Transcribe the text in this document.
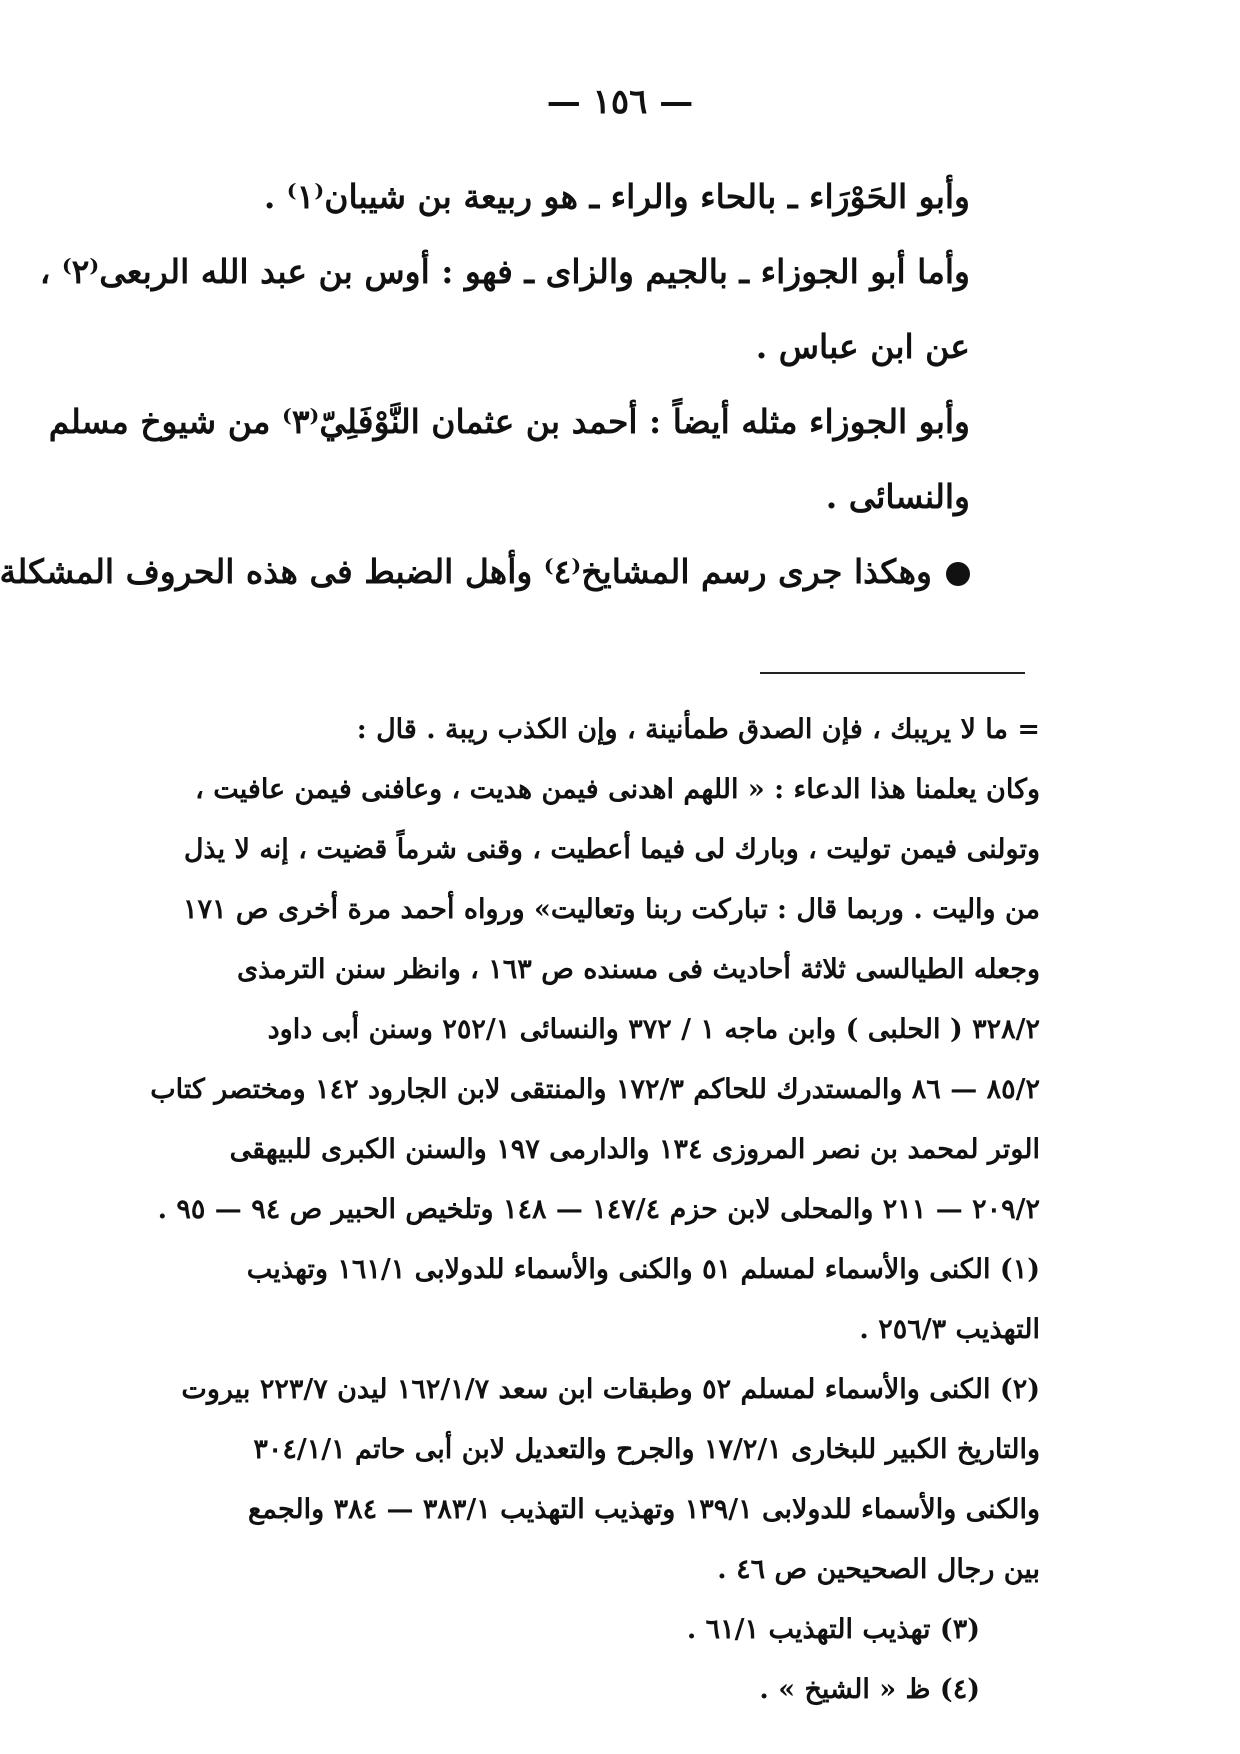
— ١٥٦ —
وأبو الحَوْرَاء ـ بالحاء والراء ـ هو ربيعة بن شيبان⁽١⁾ .
وأما أبو الجوزاء ـ بالجيم والزاى ـ فهو : أوس بن عبد الله الربعى⁽٢⁾ ،
عن ابن عباس .
وأبو الجوزاء مثله أيضاً : أحمد بن عثمان النَّوْفَلِيّ⁽٣⁾ من شيوخ مسلم
والنسائى .
وهكذا جرى رسم المشايخ⁽٤⁾ وأهل الضبط فى هذه الحروف المشكلة
= ما لا يريبك ، فإن الصدق طمأنينة ، وإن الكذب ريبة . قال :
وكان يعلمنا هذا الدعاء : « اللهم اهدنى فيمن هديت ، وعافنى فيمن عافيت ،
وتولنى فيمن توليت ، وبارك لى فيما أعطيت ، وقنى شرماً قضيت ، إنه لا يذل
من واليت . وربما قال : تباركت ربنا وتعاليت» ورواه أحمد مرة أخرى ص ١٧١
وجعله الطيالسى ثلاثة أحاديث فى مسنده ص ١٦٣ ، وانظر سنن الترمذى
٣٢٨/٢ ( الحلبى ) وابن ماجه ١ / ٣٧٢ والنسائى ٢٥٢/١ وسنن أبى داود
٨٥/٢ — ٨٦ والمستدرك للحاكم ١٧٢/٣ والمنتقى لابن الجارود ١٤٢ ومختصر كتاب
الوتر لمحمد بن نصر المروزى ١٣٤ والدارمى ١٩٧ والسنن الكبرى للبيهقى
٢٠٩/٢ — ٢١١ والمحلى لابن حزم ١٤٧/٤ — ١٤٨ وتلخيص الحبير ص ٩٤ — ٩٥ .
(١) الكنى والأسماء لمسلم ٥١ والكنى والأسماء للدولابى ١٦١/١ وتهذيب
التهذيب ٢٥٦/٣ .
(٢) الكنى والأسماء لمسلم ٥٢ وطبقات ابن سعد ١٦٢/١/٧ ليدن ٢٢٣/٧ بيروت
والتاريخ الكبير للبخارى ١٧/٢/١ والجرح والتعديل لابن أبى حاتم ٣٠٤/١/١
والكنى والأسماء للدولابى ١٣٩/١ وتهذيب التهذيب ٣٨٣/١ — ٣٨٤ والجمع
بين رجال الصحيحين ص ٤٦ .
(٣) تهذيب التهذيب ٦١/١ .
(٤) ظ « الشيخ » .
